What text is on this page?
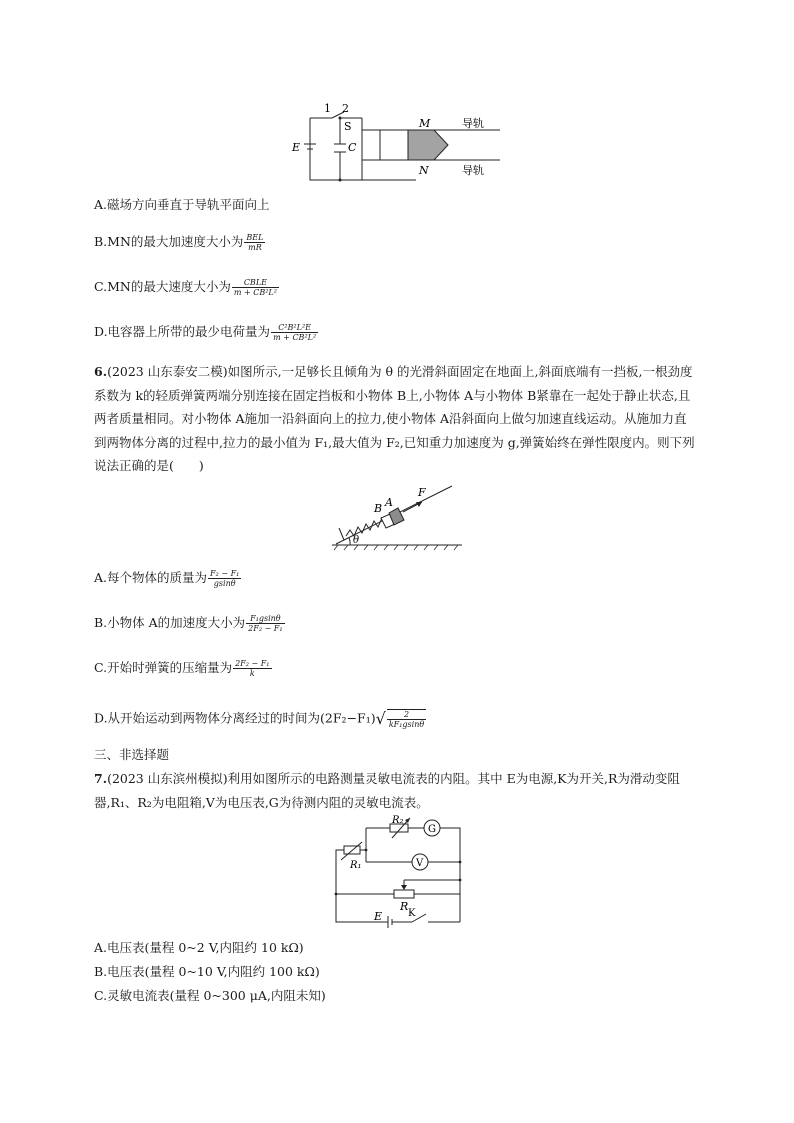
1 2
S
C
E
M
N
导轨
导轨
A.磁场方向垂直于导轨平面向上
B.MN的最大加速度大小为 $\frac{\text{BEL}}{mR}$
C.MN的最大速度大小为 $\frac{\text{CBLE}}{\text{m + CB²L²}}$
D.电容器上所带的最少电荷量为 $\frac{\text{C²B²L²E}}{\text{m + CB²L²}}$
6.(2023 山东泰安二模)如图所示,一足够长且倾角为 θ 的光滑斜面固定在地面上,斜面底端有一挡板,一根劲度系数为 k的轻质弹簧两端分别连接在固定挡板和小物体 B上,小物体 A与小物体 B紧靠在一起处于静止状态,且两者质量相同。对小物体 A施加一沿斜面向上的拉力,使小物体 A沿斜面向上做匀加速直线运动。从施加力直到两物体分离的过程中,拉力的最小值为 F₁,最大值为 F₂,已知重力加速度为 g,弹簧始终在弹性限度内。则下列说法正确的是(　　)
B A
F
θ
A.每个物体的质量为 $\frac{\text{F₂ − F₁}}{gsin\theta}$
B.小物体 A的加速度大小为 $\frac{\text{F₁gsinθ}}{\text{2F₂ − F₁}}$
C.开始时弹簧的压缩量为 $\frac{\text{2F₂ − F₁}}{k}$
D.从开始运动到两物体分离经过的时间为$(2F_2-F_1)√ \frac{2}{\text{kF₁gsinθ}}$
三、非选择题
7.(2023 山东滨州模拟)利用如图所示的电路测量灵敏电流表的内阻。其中 E为电源,K为开关,R为滑动变阻器,R₁、R₂为电阻箱,V为电压表,G为待测内阻的灵敏电流表。
R₁
R₂
G
V
R
E	K
A.电压表(量程 0~2 V,内阻约 10 kΩ)
B.电压表(量程 0~10 V,内阻约 100 kΩ)
C.灵敏电流表(量程 0~300 μA,内阻未知)
